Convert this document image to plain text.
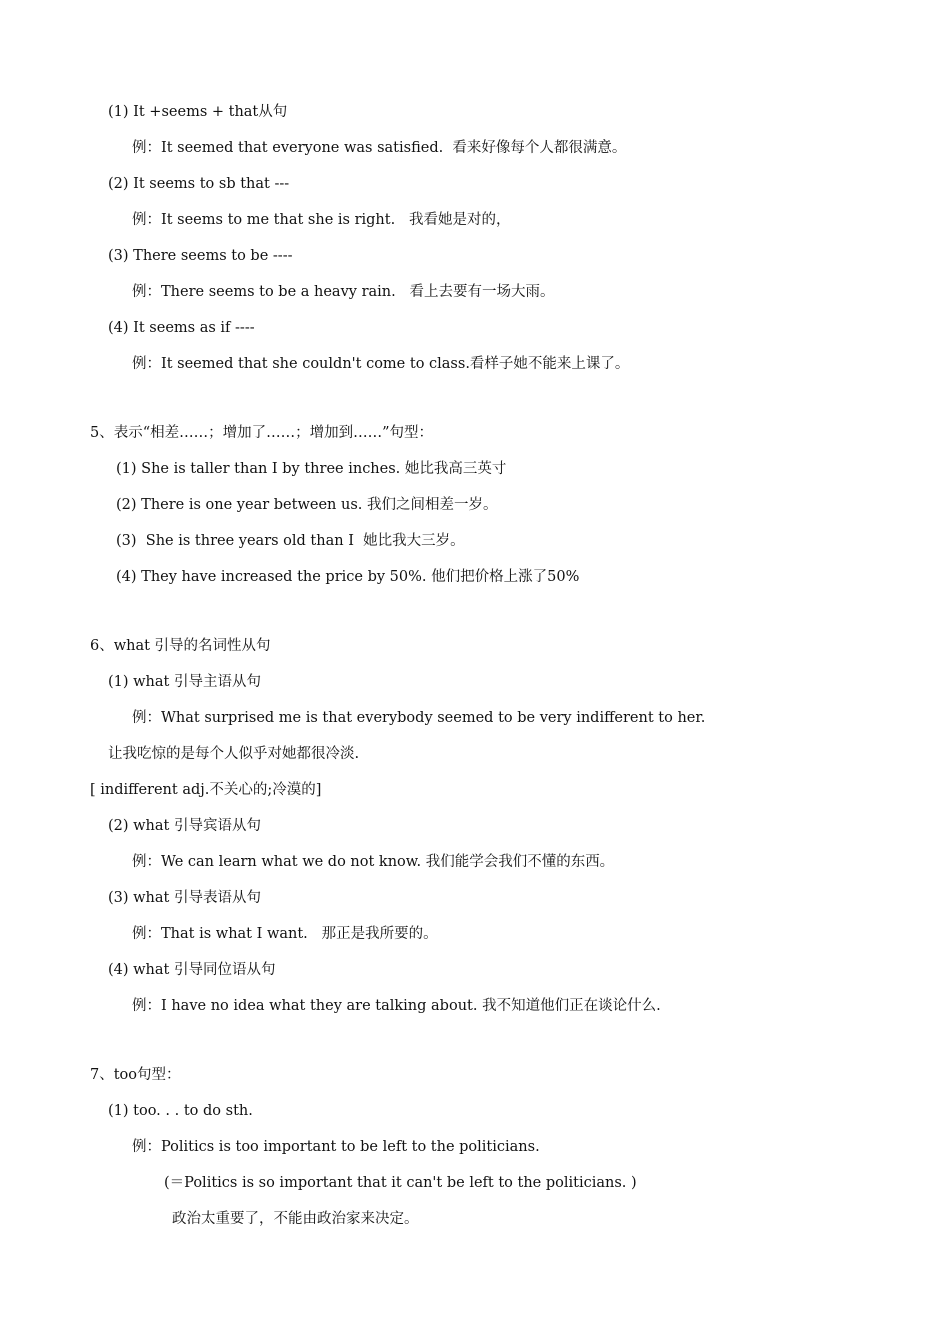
(1) It +seems + that从句
例：It seemed that everyone was satisfied.  看来好像每个人都很满意。
(2) It seems to sb that ---
例：It seems to me that she is right.   我看她是对的，
(3) There seems to be ----
例：There seems to be a heavy rain.   看上去要有一场大雨。
(4) It seems as if ----
例：It seemed that she couldn't come to class.看样子她不能来上课了。
5、表示“相差……；增加了……；增加到……”句型：
(1) She is taller than I by three inches. 她比我高三英寸
(2) There is one year between us. 我们之间相差一岁。
(3)  She is three years old than I  她比我大三岁。
(4) They have increased the price by 50%. 他们把价格上涨了50%
6、what 引导的名词性从句
(1) what 引导主语从句
例：What surprised me is that everybody seemed to be very indifferent to her.
让我吃惊的是每个人似乎对她都很冷淡.
[ indifferent adj.不关心的;冷漠的]
(2) what 引导宾语从句
例：We can learn what we do not know. 我们能学会我们不懂的东西。
(3) what 引导表语从句
例：That is what I want.   那正是我所要的。
(4) what 引导同位语从句
例：I have no idea what they are talking about. 我不知道他们正在谈论什么.
7、too句型：
(1) too. . . to do sth.
例：Politics is too important to be left to the politicians.
(＝Politics is so important that it can't be left to the politicians. )
政治太重要了，不能由政治家来决定。
